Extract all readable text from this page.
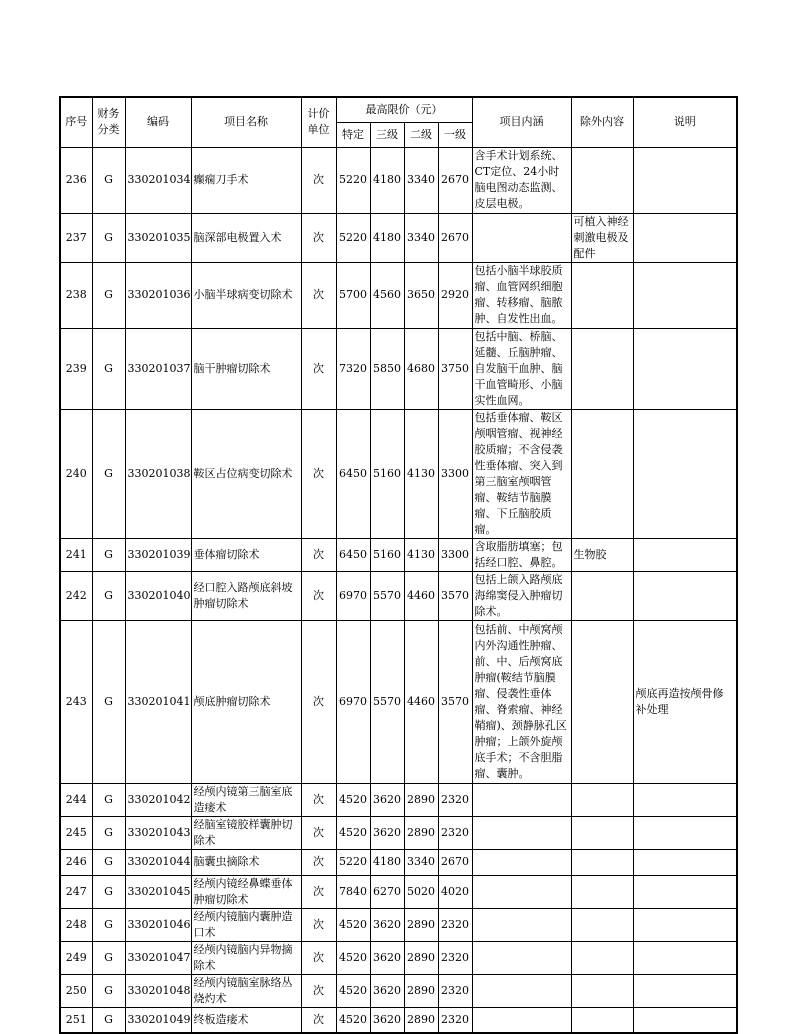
序号	财务分类	编码	项目名称	计价单位	最高限价（元）				项目内涵	除外内容	说明
					特定	三级	二级	一级			
236	G	330201034	癫痫刀手术	次	5220	4180	3340	2670	含手术计划系统、CT定位、24小时脑电图动态监测、皮层电极。		
237	G	330201035	脑深部电极置入术	次	5220	4180	3340	2670		可植入神经刺激电极及配件	
238	G	330201036	小脑半球病变切除术	次	5700	4560	3650	2920	包括小脑半球胶质瘤、血管网织细胞瘤、转移瘤、脑脓肿、自发性出血。		
239	G	330201037	脑干肿瘤切除术	次	7320	5850	4680	3750	包括中脑、桥脑、延髓、丘脑肿瘤、自发脑干血肿、脑干血管畸形、小脑实性血网。		
240	G	330201038	鞍区占位病变切除术	次	6450	5160	4130	3300	包括垂体瘤、鞍区颅咽管瘤、视神经胶质瘤；不含侵袭性垂体瘤、突入到第三脑室颅咽管瘤、鞍结节脑膜瘤、下丘脑胶质瘤。		
241	G	330201039	垂体瘤切除术	次	6450	5160	4130	3300	含取脂肪填塞；包括经口腔、鼻腔。	生物胶	
242	G	330201040	经口腔入路颅底斜坡肿瘤切除术	次	6970	5570	4460	3570	包括上颌入路颅底海绵窦侵入肿瘤切除术。		
243	G	330201041	颅底肿瘤切除术	次	6970	5570	4460	3570	包括前、中颅窝颅内外沟通性肿瘤、前、中、后颅窝底肿瘤(鞍结节脑膜瘤、侵袭性垂体瘤、脊索瘤、神经鞘瘤)、颈静脉孔区肿瘤；上颌外旋颅底手术；不含胆脂瘤、囊肿。		颅底再造按颅骨修补处理
244	G	330201042	经颅内镜第三脑室底造瘘术	次	4520	3620	2890	2320			
245	G	330201043	经脑室镜胶样囊肿切除术	次	4520	3620	2890	2320			
246	G	330201044	脑囊虫摘除术	次	5220	4180	3340	2670			
247	G	330201045	经颅内镜经鼻蝶垂体肿瘤切除术	次	7840	6270	5020	4020			
248	G	330201046	经颅内镜脑内囊肿造口术	次	4520	3620	2890	2320			
249	G	330201047	经颅内镜脑内异物摘除术	次	4520	3620	2890	2320			
250	G	330201048	经颅内镜脑室脉络丛烧灼术	次	4520	3620	2890	2320			
251	G	330201049	终板造瘘术	次	4520	3620	2890	2320			
